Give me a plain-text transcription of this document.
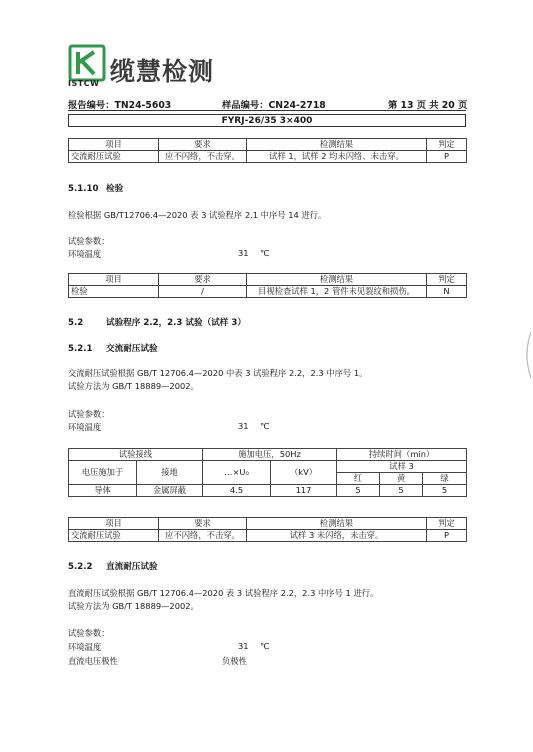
缆慧检测
ISTCW
报告编号：TN24-5603	样品编号：CN24-2718	第 13 页 共 20 页
FYRJ-26/35 3×400
项目	要求	检测结果	判定
交流耐压试验	应不闪络，不击穿。	试样 1，试样 2 均未闪络、未击穿。	P
5.1.10 检验
检验根据 GB/T12706.4—2020 表 3 试验程序 2.1 中序号 14 进行。
试验参数：
环境温度	31 ℃
项目	要求	检测结果	判定
检验	/	目视检查试样 1，2 管件未见裂纹和损伤。	N
5.2	试验程序 2.2，2.3 试验（试样 3）
5.2.1 交流耐压试验
交流耐压试验根据 GB/T 12706.4—2020 中表 3 试验程序 2.2，2.3 中序号 1。
试验方法为 GB/T 18889—2002。
试验参数：
环境温度	31 ℃
试验接线		施加电压，50Hz		持续时间（min）		
电压施加于	接地	…×U₀	（kV）	试样 3		
				红	黄	绿
导体	金属屏蔽	4.5	117	5	5	5
项目	要求	检测结果	判定
交流耐压试验	应不闪络，不击穿。	试样 3 未闪络，未击穿。	P
5.2.2 直流耐压试验
直流耐压试验根据 GB/T 12706.4—2020 表 3 试验程序 2.2，2.3 中序号 1 进行。
试验方法为 GB/T 18889—2002。
试验参数：
环境温度	31 ℃
直流电压极性	负极性
